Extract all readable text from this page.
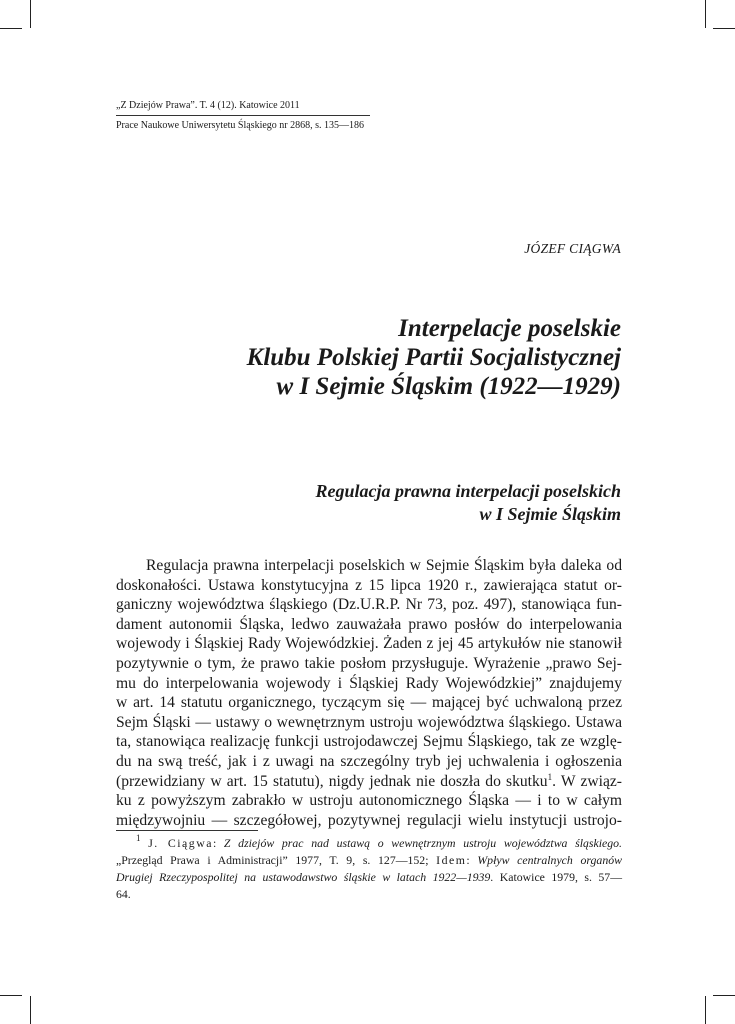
„Z Dziejów Prawa”. T. 4 (12). Katowice 2011
Prace Naukowe Uniwersytetu Śląskiego nr 2868, s. 135—186
JÓZEF CIĄGWA
Interpelacje poselskie
Klubu Polskiej Partii Socjalistycznej
w I Sejmie Śląskim (1922—1929)
Regulacja prawna interpelacji poselskich
w I Sejmie Śląskim
Regulacja prawna interpelacji poselskich w Sejmie Śląskim była daleka od
doskonałości. Ustawa konstytucyjna z 15 lipca 1920 r., zawierająca statut or-
ganiczny województwa śląskiego (Dz.U.R.P. Nr 73, poz. 497), stanowiąca fun-
dament autonomii Śląska, ledwo zauważała prawo posłów do interpelowania
wojewody i Śląskiej Rady Wojewódzkiej. Żaden z jej 45 artykułów nie stanowił
pozytywnie o tym, że prawo takie posłom przysługuje. Wyrażenie „prawo Sej-
mu do interpelowania wojewody i Śląskiej Rady Wojewódzkiej” znajdujemy
w art. 14 statutu organicznego, tyczącym się — mającej być uchwaloną przez
Sejm Śląski — ustawy o wewnętrznym ustroju województwa śląskiego. Ustawa
ta, stanowiąca realizację funkcji ustrojodawczej Sejmu Śląskiego, tak ze wzglę-
du na swą treść, jak i z uwagi na szczególny tryb jej uchwalenia i ogłoszenia
(przewidziany w art. 15 statutu), nigdy jednak nie doszła do skutku$^1$. W związ-
ku z powyższym zabrakło w ustroju autonomicznego Śląska — i to w całym
międzywojniu — szczegółowej, pozytywnej regulacji wielu instytucji ustrojo-
$^1$ J. Ciągwa: Z dziejów prac nad ustawą o wewnętrznym ustroju województwa śląskiego.
„Przegląd Prawa i Administracji” 1977, T. 9, s. 127—152; Idem: Wpływ centralnych organów
Drugiej Rzeczypospolitej na ustawodawstwo śląskie w latach 1922—1939. Katowice 1979, s. 57—
64.
